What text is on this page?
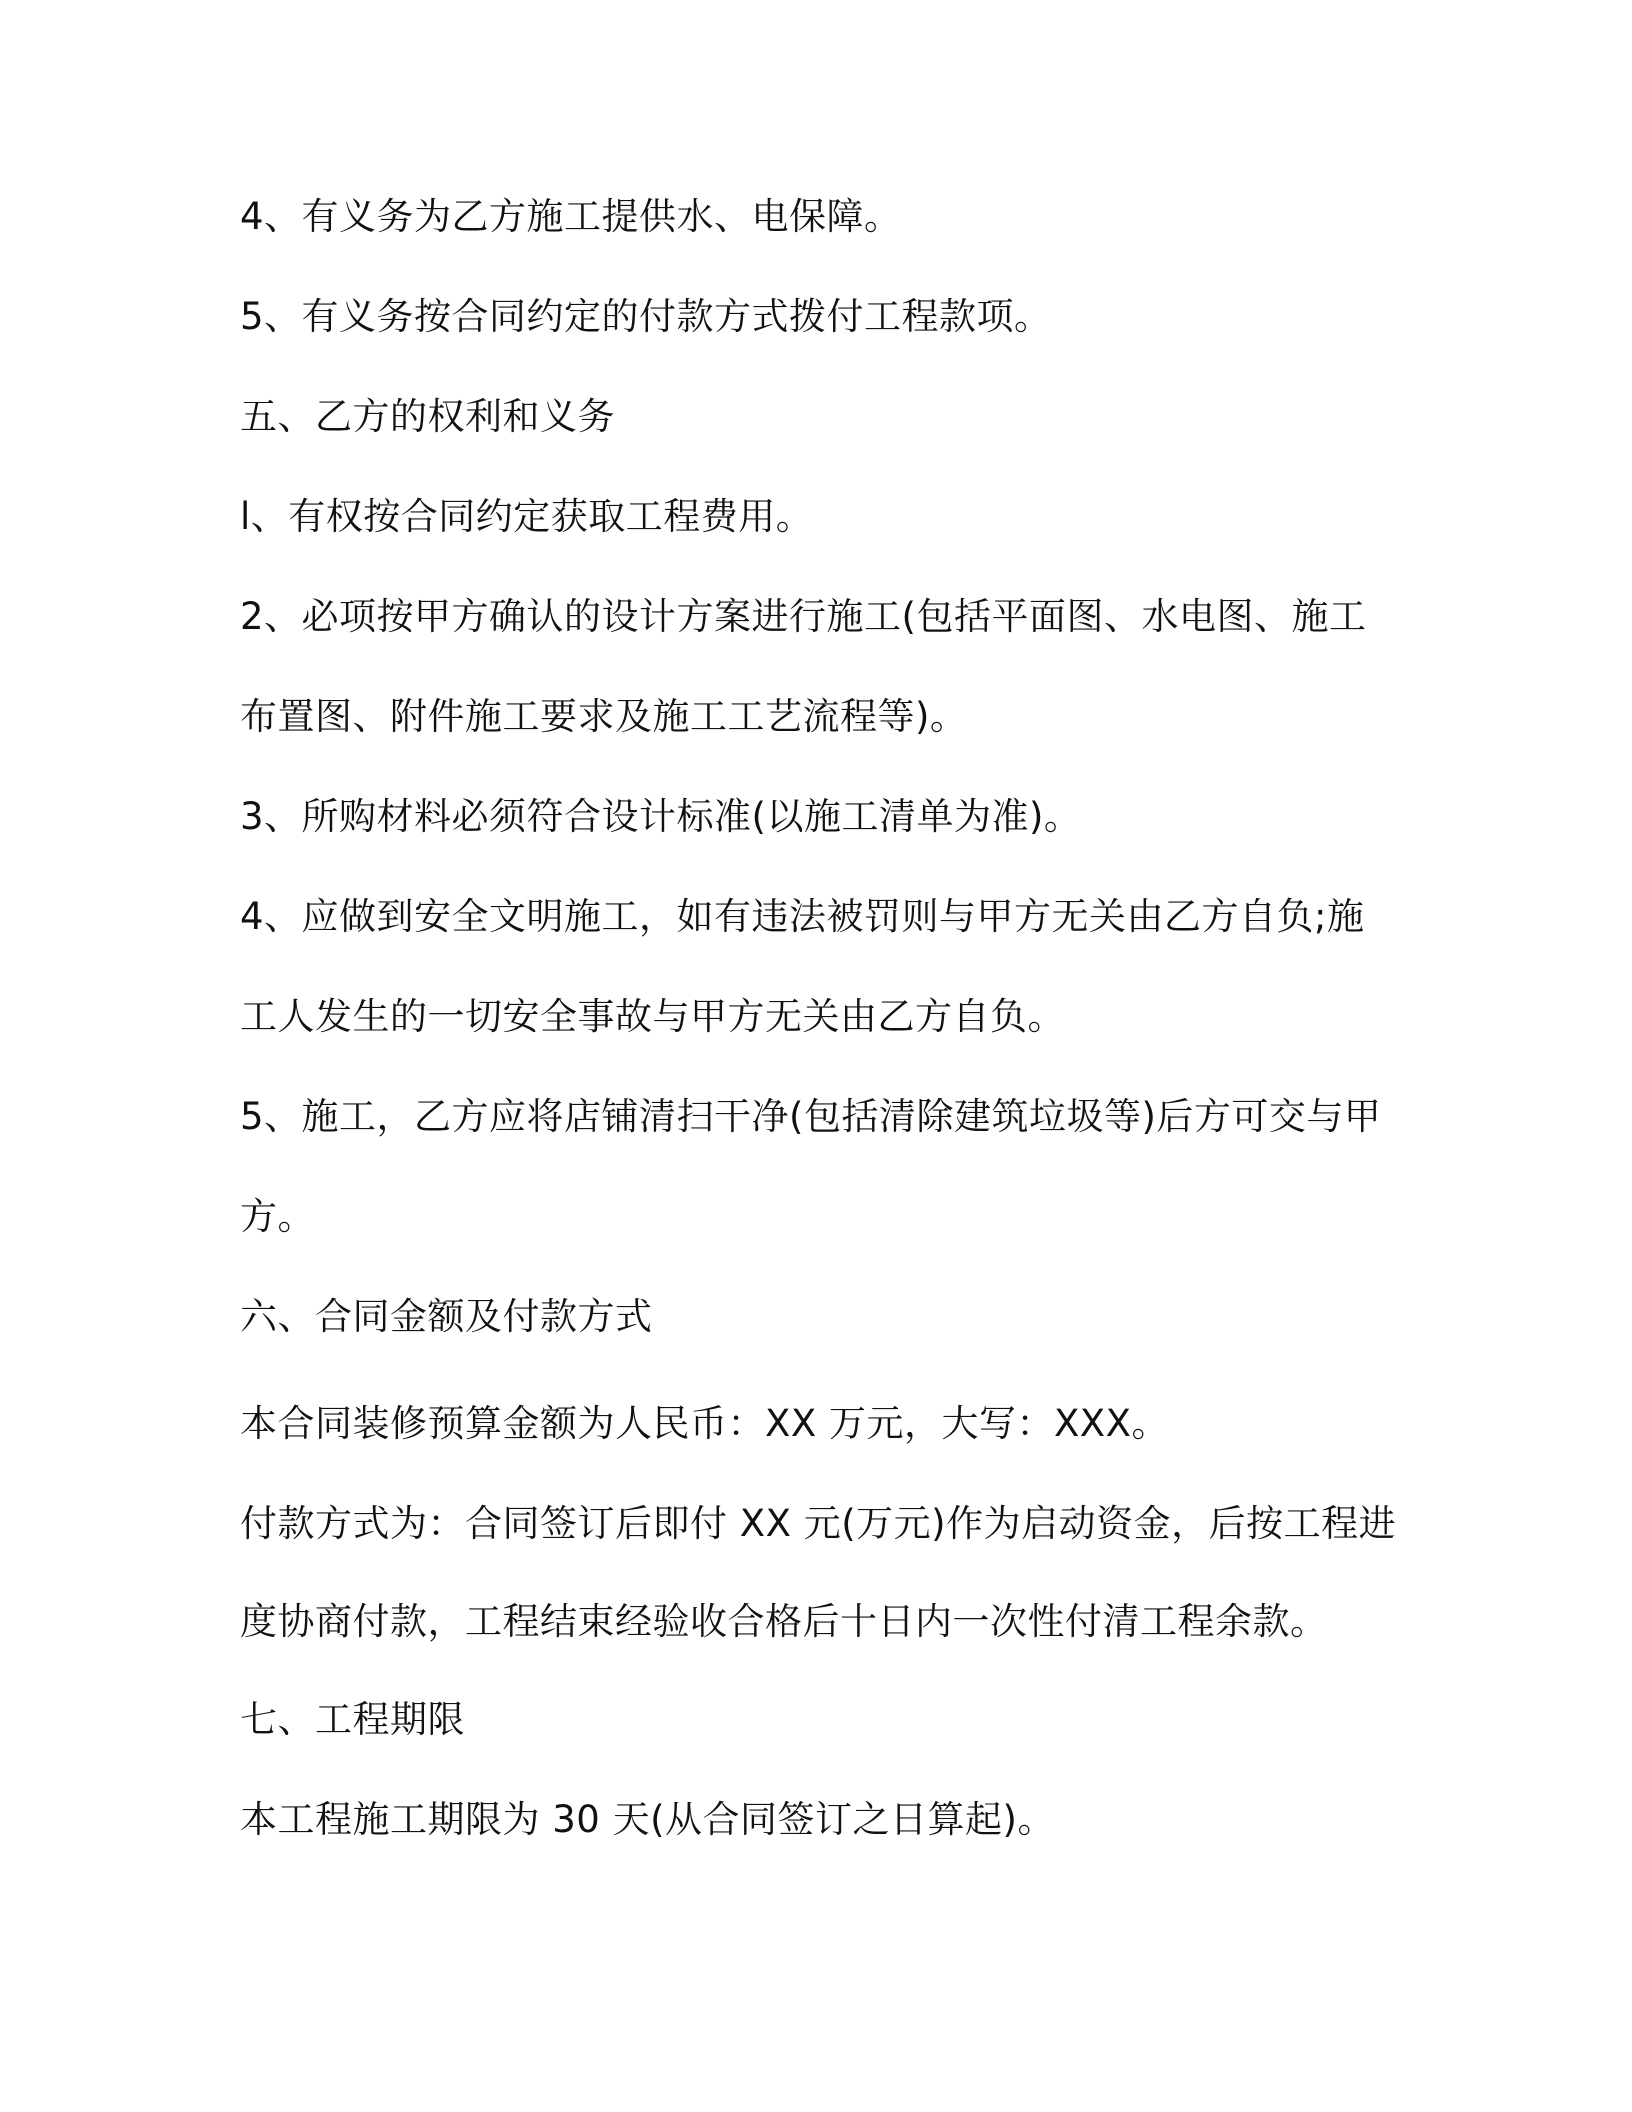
4、有义务为乙方施工提供水、电保障。
5、有义务按合同约定的付款方式拨付工程款项。
五、乙方的权利和义务
l、有权按合同约定获取工程费用。
2、必项按甲方确认的设计方案进行施工(包括平面图、水电图、施工
布置图、附件施工要求及施工工艺流程等)。
3、所购材料必须符合设计标准(以施工清单为准)。
4、应做到安全文明施工，如有违法被罚则与甲方无关由乙方自负;施
工人发生的一切安全事故与甲方无关由乙方自负。
5、施工，乙方应将店铺清扫干净(包括清除建筑垃圾等)后方可交与甲
方。
六、合同金额及付款方式
本合同装修预算金额为人民币：XX 万元，大写：XXX。
付款方式为：合同签订后即付 XX 元(万元)作为启动资金，后按工程进
度协商付款，工程结束经验收合格后十日内一次性付清工程余款。
七、工程期限
本工程施工期限为 30 天(从合同签订之日算起)。
